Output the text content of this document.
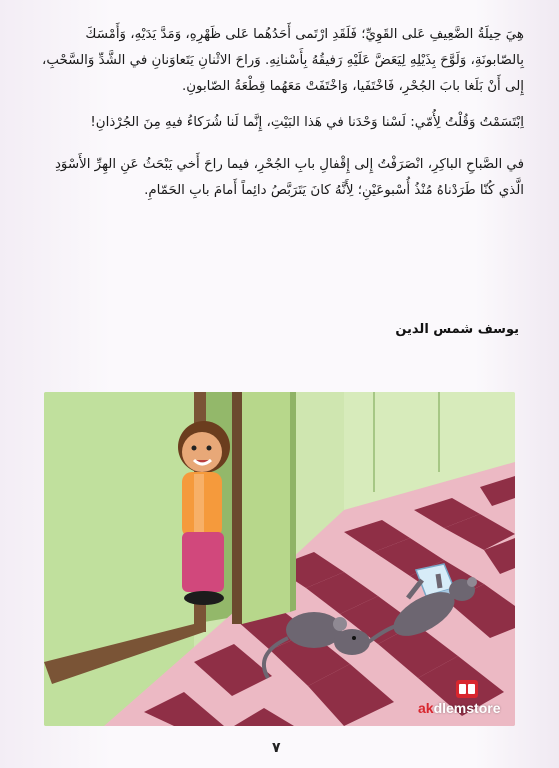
هِيَ حِيلَةُ الضَّعِيفِ عَلى القَوِيِّ؛ فَلَقَدِ ارْتَمى أَحَدُهُما عَلى ظَهْرِهِ، وَمَدَّ يَدَيْهِ، وَأَمْسَكَ بِالصّابونَةِ، وَلَوَّحَ بِذَيْلِهِ لِيَعَضَّ عَلَيْهِ رَفيقُهُ بِأَسْنانِهِ. وَراحَ الاثْنانِ يَتَعاوَنانِ في الشَّدِّ وَالسَّحْبِ، إِلى أَنْ بَلَغا بابَ الجُحْرِ، فَاخْتَفَيا، وَاخْتَفَتْ مَعَهُما قِطْعَةُ الصّابونِ.

اِبْتَسَمْتُ وَقُلْتُ لِأُمّي: لَسْنا وَحْدَنا في هَذا البَيْتِ، إِنَّما لَنا شُرَكاءُ فيهِ مِنَ الجُرْذانِ!

في الصَّباحِ الباكِرِ، انْصَرَفْتُ إِلى إِقْفالِ بابِ الجُحْرِ، فيما راحَ أَخي يَبْحَثُ عَنِ الهِرِّ الأَسْوَدِ الَّذي كُنّا طَرَدْناهُ مُنْذُ أُسْبوعَيْنِ؛ لِأَنَّهُ كانَ يَتَرَبَّصُ دائِماً أَمامَ بابِ الحَمّامِ.

يوسف شمس الدين
akdlemstore
٧
